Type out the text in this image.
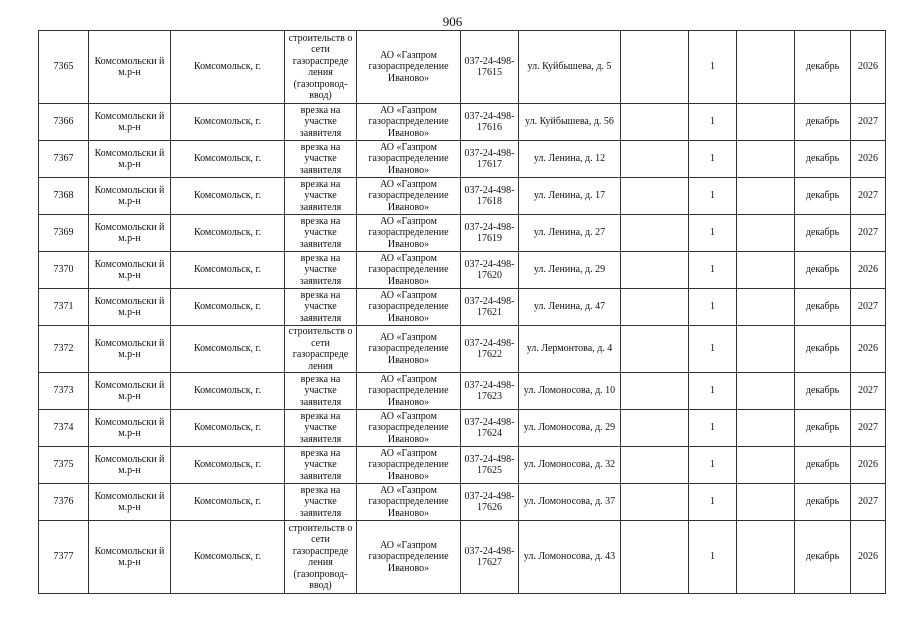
906
7365	Комсомольски й м.р-н	Комсомольск, г.	строительств о сети газораспреде ления (газопровод-ввод)	АО «Газпром газораспределение Иваново»	037-24-498-17615	ул. Куйбышева, д. 5		1		декабрь	2026
7366	Комсомольски й м.р-н	Комсомольск, г.	врезка на участке заявителя	АО «Газпром газораспределение Иваново»	037-24-498-17616	ул. Куйбышева, д. 56		1		декабрь	2027
7367	Комсомольски й м.р-н	Комсомольск, г.	врезка на участке заявителя	АО «Газпром газораспределение Иваново»	037-24-498-17617	ул. Ленина, д. 12		1		декабрь	2026
7368	Комсомольски й м.р-н	Комсомольск, г.	врезка на участке заявителя	АО «Газпром газораспределение Иваново»	037-24-498-17618	ул. Ленина, д. 17		1		декабрь	2027
7369	Комсомольски й м.р-н	Комсомольск, г.	врезка на участке заявителя	АО «Газпром газораспределение Иваново»	037-24-498-17619	ул. Ленина, д. 27		1		декабрь	2027
7370	Комсомольски й м.р-н	Комсомольск, г.	врезка на участке заявителя	АО «Газпром газораспределение Иваново»	037-24-498-17620	ул. Ленина, д. 29		1		декабрь	2026
7371	Комсомольски й м.р-н	Комсомольск, г.	врезка на участке заявителя	АО «Газпром газораспределение Иваново»	037-24-498-17621	ул. Ленина, д. 47		1		декабрь	2027
7372	Комсомольски й м.р-н	Комсомольск, г.	строительств о сети газораспреде ления	АО «Газпром газораспределение Иваново»	037-24-498-17622	ул. Лермонтова, д. 4		1		декабрь	2026
7373	Комсомольски й м.р-н	Комсомольск, г.	врезка на участке заявителя	АО «Газпром газораспределение Иваново»	037-24-498-17623	ул. Ломоносова, д. 10		1		декабрь	2027
7374	Комсомольски й м.р-н	Комсомольск, г.	врезка на участке заявителя	АО «Газпром газораспределение Иваново»	037-24-498-17624	ул. Ломоносова, д. 29		1		декабрь	2027
7375	Комсомольски й м.р-н	Комсомольск, г.	врезка на участке заявителя	АО «Газпром газораспределение Иваново»	037-24-498-17625	ул. Ломоносова, д. 32		1		декабрь	2026
7376	Комсомольски й м.р-н	Комсомольск, г.	врезка на участке заявителя	АО «Газпром газораспределение Иваново»	037-24-498-17626	ул. Ломоносова, д. 37		1		декабрь	2027
7377	Комсомольски й м.р-н	Комсомольск, г.	строительств о сети газораспреде ления (газопровод-ввод)	АО «Газпром газораспределение Иваново»	037-24-498-17627	ул. Ломоносова, д. 43		1		декабрь	2026
